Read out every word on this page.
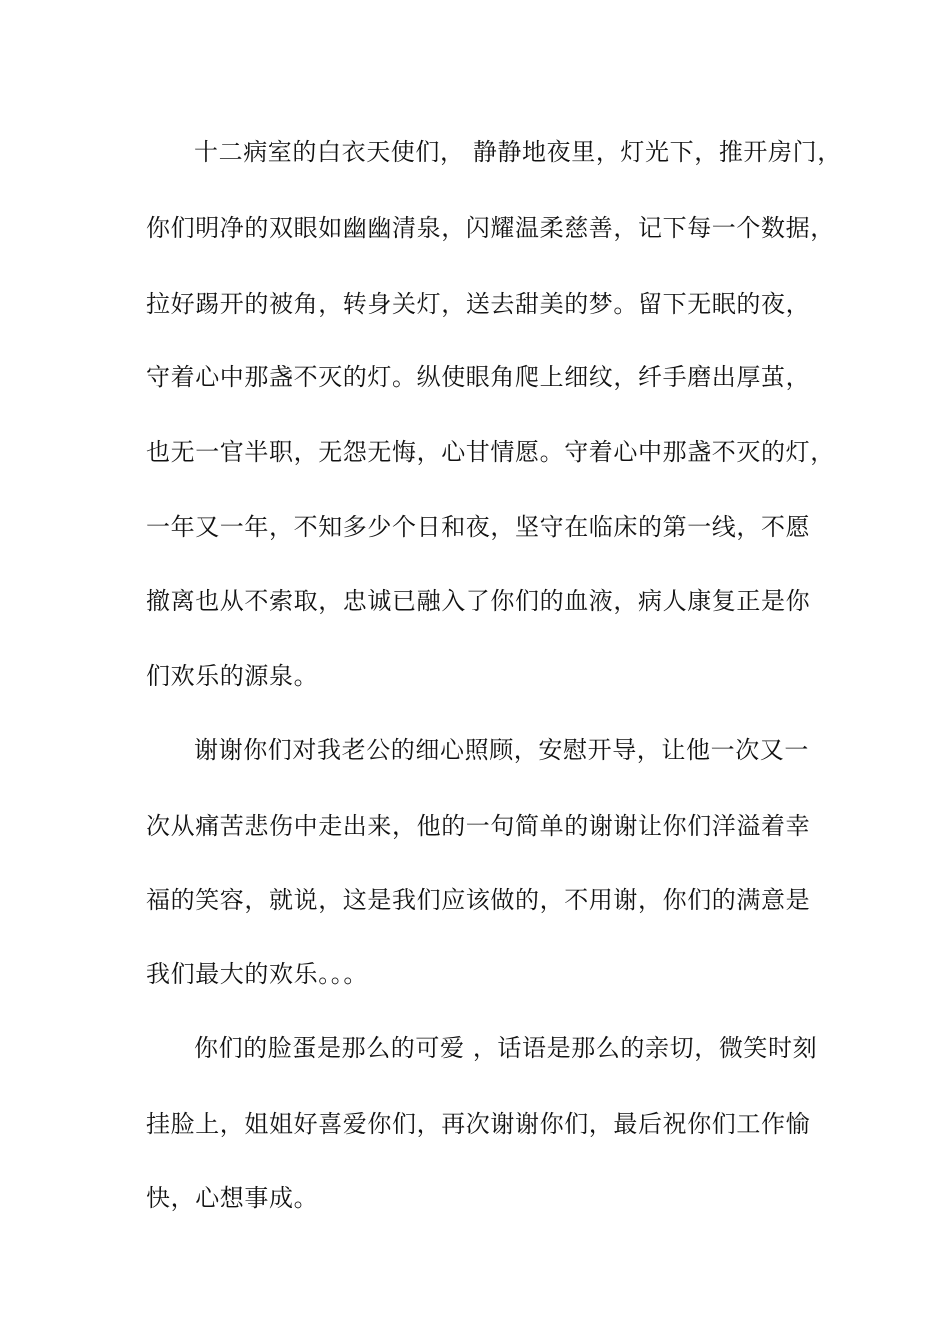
十二病室的白衣天使们， 静静地夜里，灯光下，推开房门，
你们明净的双眼如幽幽清泉，闪耀温柔慈善，记下每一个数据，
拉好踢开的被角，转身关灯，送去甜美的梦。留下无眠的夜，
守着心中那盏不灭的灯。纵使眼角爬上细纹，纤手磨出厚茧，
也无一官半职，无怨无悔，心甘情愿。守着心中那盏不灭的灯，
一年又一年，不知多少个日和夜，坚守在临床的第一线，不愿
撤离也从不索取，忠诚已融入了你们的血液，病人康复正是你
们欢乐的源泉。
谢谢你们对我老公的细心照顾，安慰开导，让他一次又一
次从痛苦悲伤中走出来，他的一句简单的谢谢让你们洋溢着幸
福的笑容，就说，这是我们应该做的，不用谢，你们的满意是
我们最大的欢乐。。。
你们的脸蛋是那么的可爱 ，话语是那么的亲切，微笑时刻
挂脸上，姐姐好喜爱你们，再次谢谢你们，最后祝你们工作愉
快，心想事成。
